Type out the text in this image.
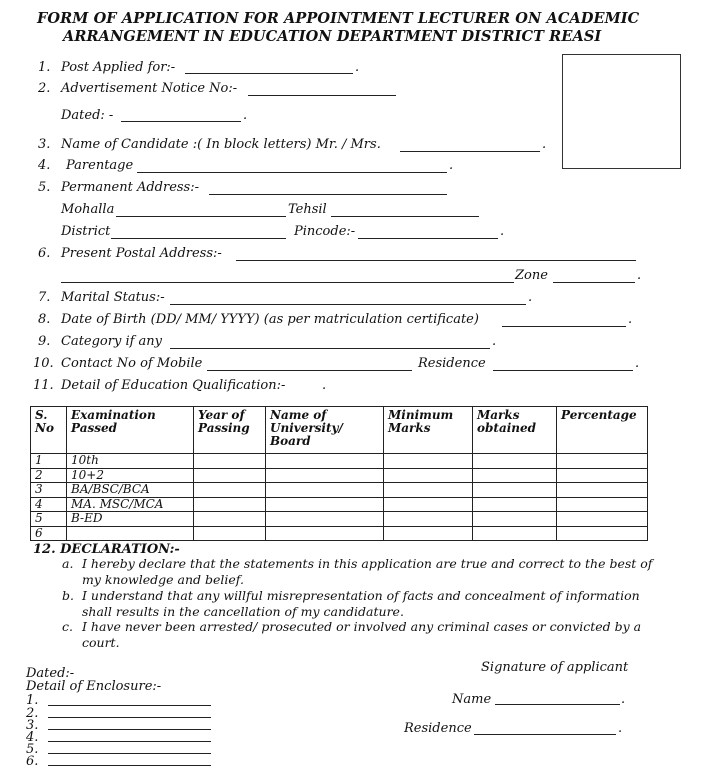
FORM OF APPLICATION FOR APPOINTMENT LECTURER ON ACADEMIC
ARRANGEMENT IN EDUCATION DEPARTMENT DISTRICT REASI
1. Post Applied for:-	.
2. Advertisement Notice No:-
Dated: -	.
3. Name of Candidate :( In block letters) Mr. / Mrs.	.
4. Parentage	.
5. Permanent Address:-
Mohalla	Tehsil
District	Pincode:-	.
6. Present Postal Address:-
Zone	.
7. Marital Status:-	.
8. Date of Birth (DD/ MM/ YYYY) (as per matriculation certificate)	.
9. Category if any	.
10. Contact No of Mobile	Residence	.
11. Detail of Education Qualification:-	.
S. No	Examination Passed	Year of Passing	Name of University/ Board	Minimum Marks	Marks obtained	Percentage
1	10th					
2	10+2					
3	BA/BSC/BCA					
4	MA. MSC/MCA					
5	B-ED					
6						
12. DECLARATION:-
a. I hereby declare that the statements in this application are true and correct to the best of my knowledge and belief.
b. I understand that any willful misrepresentation of facts and concealment of information shall results in the cancellation of my candidature.
c. I have never been arrested/ prosecuted or involved any criminal cases or convicted by a court.
Dated:-
Detail of Enclosure:-
Signature of applicant
Name	.
Residence	.
1.
2.
3.
4.
5.
6.
